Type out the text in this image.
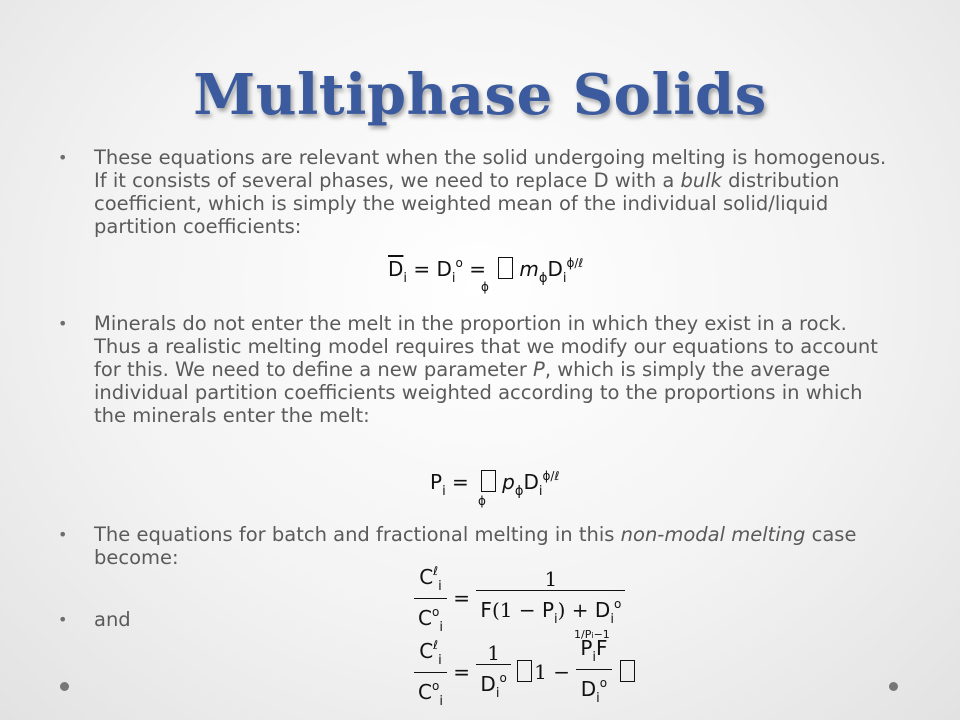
Multiphase Solids
• These equations are relevant when the solid undergoing melting is homogenous. If it consists of several phases, we need to replace D with a bulk distribution coefficient, which is simply the weighted mean of the individual solid/liquid partition coefficients:
$\overline{D}_i = D_i^o = m_\phi D_i^{\phi/\ell}$
ϕ
• Minerals do not enter the melt in the proportion in which they exist in a rock. Thus a realistic melting model requires that we modify our equations to account for this. We need to define a new parameter P, which is simply the average individual partition coefficients weighted according to the proportions in which the minerals enter the melt:
$P_i = p_\phi D_i^{\phi/\ell}$
ϕ
• The equations for batch and fractional melting in this non-modal melting case become:
$\frac{C^\ell_i}{C^o_i} = \frac{1}{F(1 - P_i) + D_i^o}$
• and
$\frac{C^\ell_i}{C^o_i} = \frac{1}{D_i^o} 1 - \frac{P_iF}{D_i^o}$

1/Pi−1
